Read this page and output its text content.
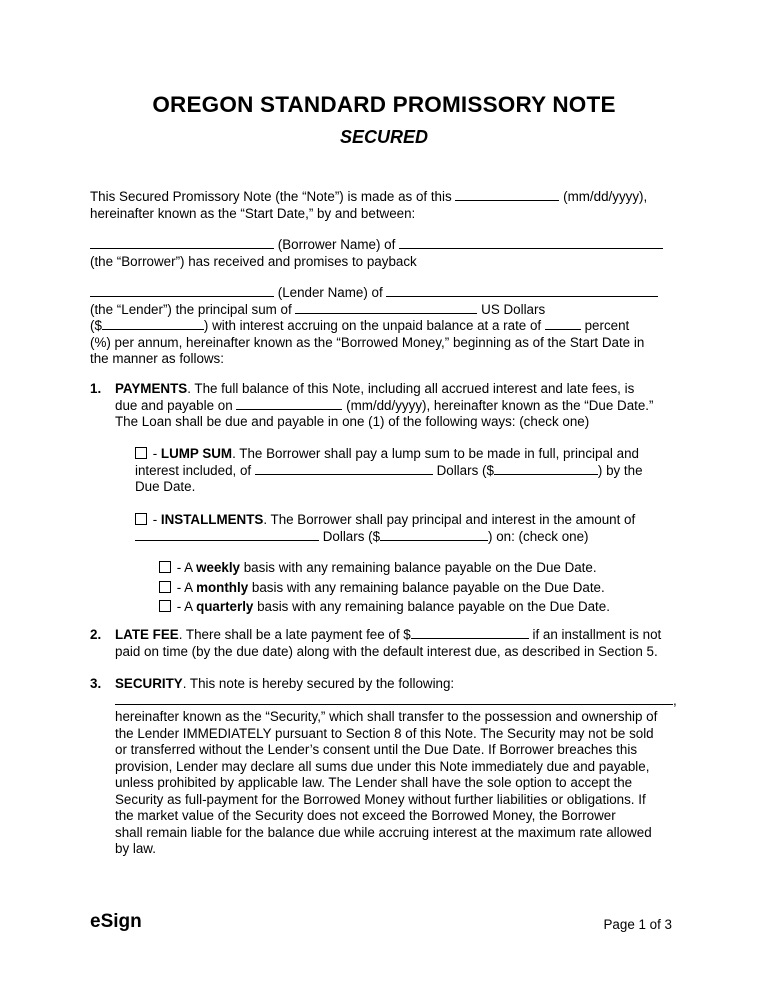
OREGON STANDARD PROMISSORY NOTE
SECURED
This Secured Promissory Note (the “Note”) is made as of this	(mm/dd/yyyy),
hereinafter known as the “Start Date,” by and between:
(Borrower Name) of
(the “Borrower”) has received and promises to payback
(Lender Name) of
(the “Lender”) the principal sum of	US Dollars
($	) with interest accruing on the unpaid balance at a rate of	percent
(%) per annum, hereinafter known as the “Borrowed Money,” beginning as of the Start Date in
the manner as follows:
1. PAYMENTS. The full balance of this Note, including all accrued interest and late fees, is
due and payable on	(mm/dd/yyyy), hereinafter known as the “Due Date.”
The Loan shall be due and payable in one (1) of the following ways: (check one)
- LUMP SUM. The Borrower shall pay a lump sum to be made in full, principal and
interest included, of	Dollars ($	) by the
Due Date.
- INSTALLMENTS. The Borrower shall pay principal and interest in the amount of
Dollars ($	) on: (check one)
- A weekly basis with any remaining balance payable on the Due Date.
- A monthly basis with any remaining balance payable on the Due Date.
- A quarterly basis with any remaining balance payable on the Due Date.
2. LATE FEE. There shall be a late payment fee of $	if an installment is not
paid on time (by the due date) along with the default interest due, as described in Section 5.
3. SECURITY. This note is hereby secured by the following:
,
hereinafter known as the “Security,” which shall transfer to the possession and ownership of
the Lender IMMEDIATELY pursuant to Section 8 of this Note. The Security may not be sold
or transferred without the Lender’s consent until the Due Date. If Borrower breaches this
provision, Lender may declare all sums due under this Note immediately due and payable,
unless prohibited by applicable law. The Lender shall have the sole option to accept the
Security as full-payment for the Borrowed Money without further liabilities or obligations. If
the market value of the Security does not exceed the Borrowed Money, the Borrower
shall remain liable for the balance due while accruing interest at the maximum rate allowed
by law.
eSign	Page 1 of 3
